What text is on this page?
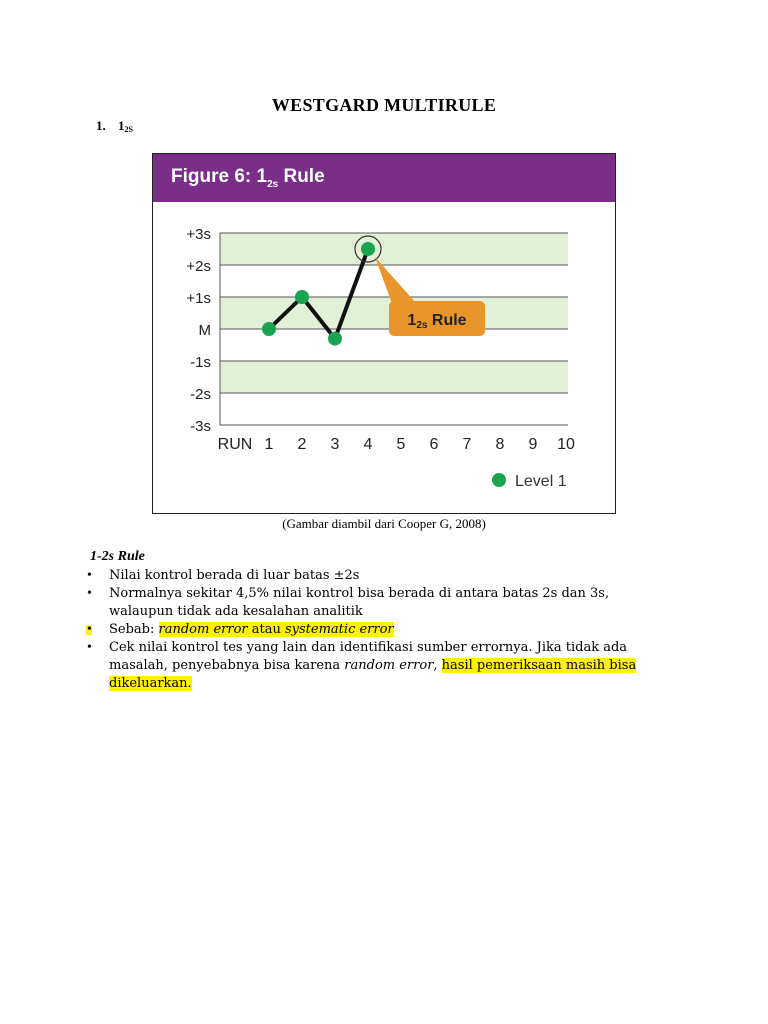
WESTGARD MULTIRULE
1. $1_{2S}$
Figure 6: $1_{2s}$ Rule
+3s
+2s
+1s
M
-1s
-2s
-3s
RUN 1 2 3 4 5 6 7 8 9 10
12s Rule
Level 1
(Gambar diambil dari Cooper G, 2008)
1-2s Rule
• Nilai kontrol berada di luar batas ±2s
• Normalnya sekitar 4,5% nilai kontrol bisa berada di antara batas 2s dan 3s, walaupun tidak ada kesalahan analitik
• Sebab: random error atau systematic error
• Cek nilai kontrol tes yang lain dan identifikasi sumber errornya. Jika tidak ada masalah, penyebabnya bisa karena random error, hasil pemeriksaan masih bisa dikeluarkan.
